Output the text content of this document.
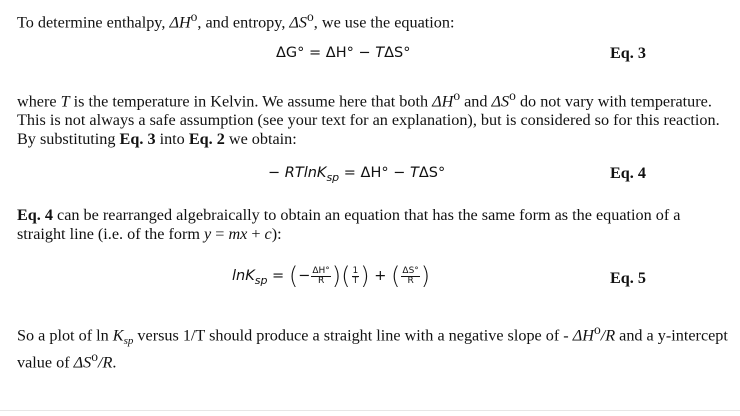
To determine enthalpy, $\Delta H^o$, and entropy, $\Delta S^o$, we use the equation:
ΔG° = ΔH° − TΔS°	Eq. 3
where T is the temperature in Kelvin. We assume here that both $\Delta H^o$ and $\Delta S^o$ do not vary with temperature. This is not always a safe assumption (see your text for an explanation), but is considered so for this reaction. By substituting Eq. 3 into Eq. 2 we obtain:
− RTlnK$_{sp}$ = ΔH° − TΔS°	Eq. 4
Eq. 4 can be rearranged algebraically to obtain an equation that has the same form as the equation of a straight line (i.e. of the form y = mx + c):
lnK$_{sp}$ = (− $\frac{\Delta H^\circ}{R}$ )( $\frac{1}{T}$ ) + ( $\frac{\Delta S^\circ}{R}$ )	Eq. 5
So a plot of $\ln K_{sp}$ versus 1/T should produce a straight line with a negative slope of - $\Delta H^o/R$ and a y-intercept value of $\Delta S^o/R$.
